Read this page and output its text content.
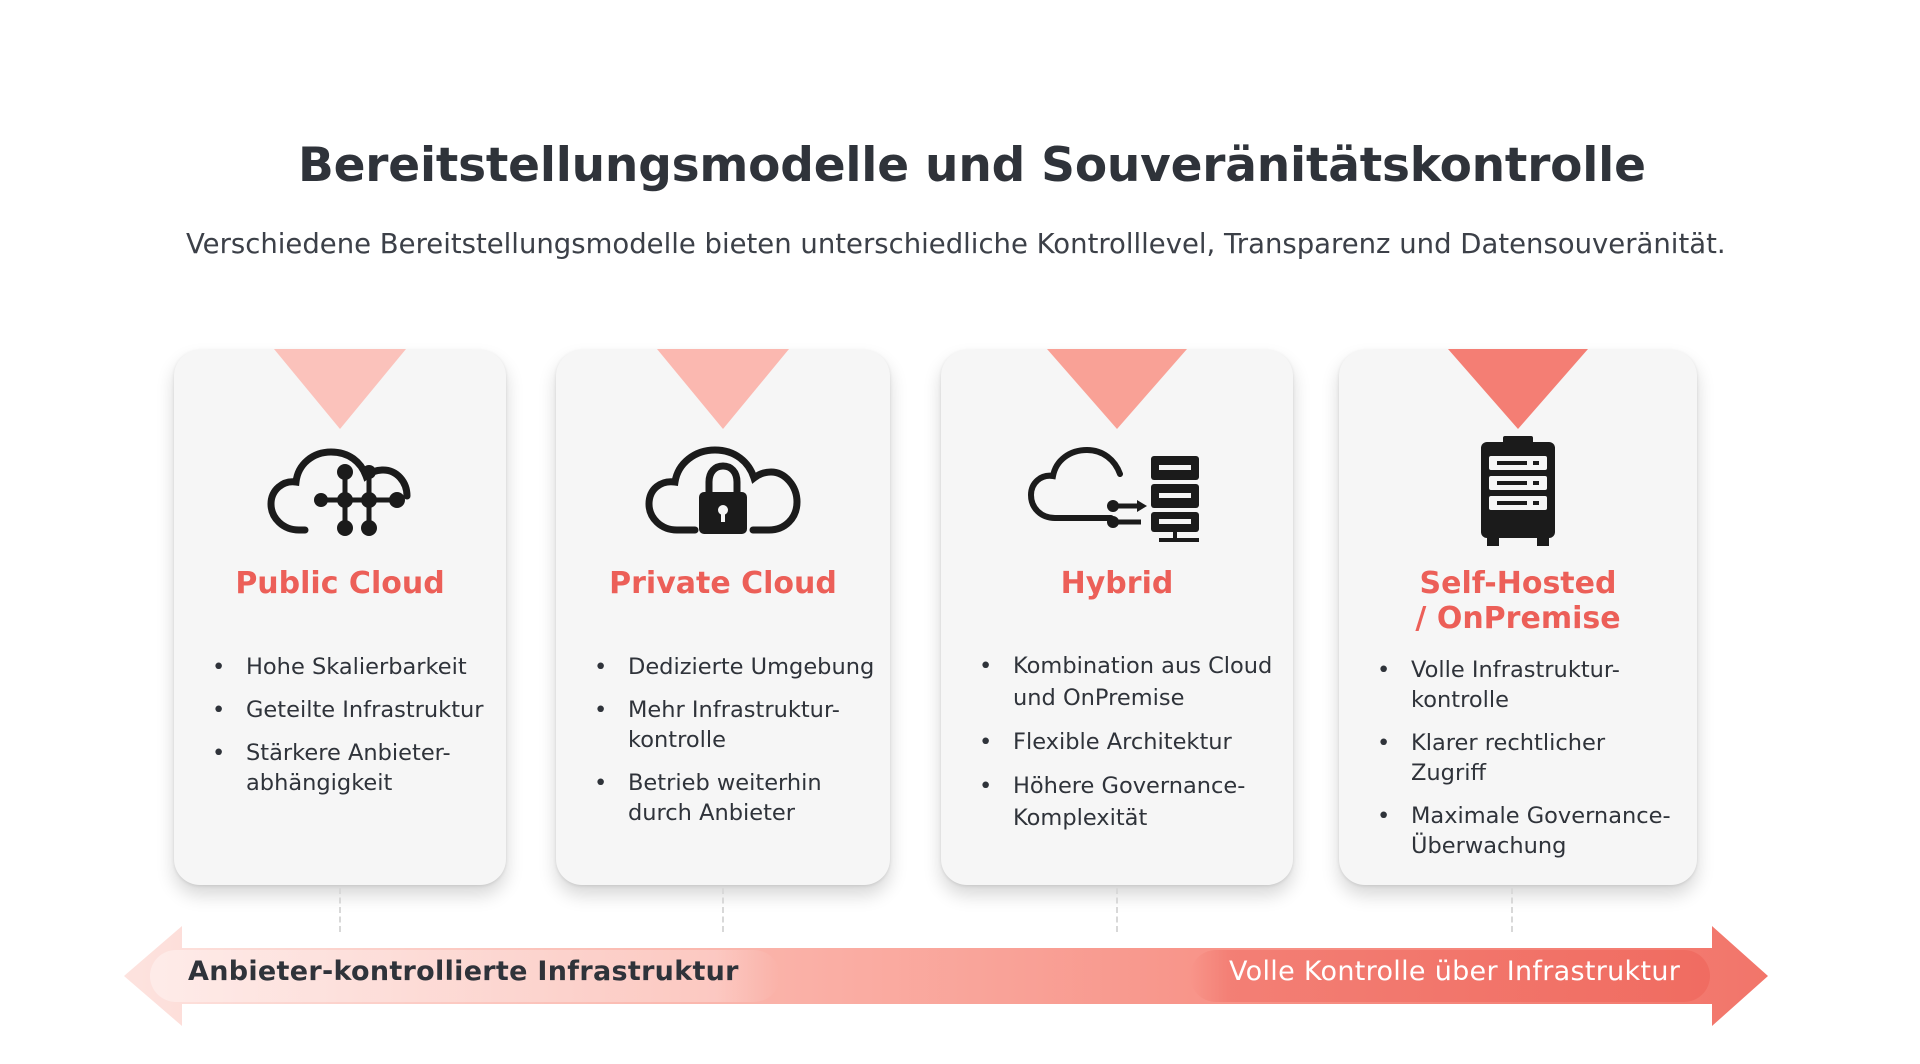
Bereitstellungsmodelle und Souveränitätskontrolle
Verschiedene Bereitstellungsmodelle bieten unterschiedliche Kontrolllevel, Transparenz und Datensouveränität.
Public Cloud
• Hohe Skalierbarkeit
• Geteilte Infrastruktur
• Stärkere Anbieter-abhängigkeit
Private Cloud
• Dedizierte Umgebung
• Mehr Infrastruktur-kontrolle
• Betrieb weiterhin durch Anbieter
Hybrid
• Kombination aus Cloud und OnPremise
• Flexible Architektur
• Höhere Governance-Komplexität
Self-Hosted / OnPremise
• Volle Infrastruktur-kontrolle
• Klarer rechtlicher Zugriff
• Maximale Governance-Überwachung
Anbieter-kontrollierte Infrastruktur	Volle Kontrolle über Infrastruktur
